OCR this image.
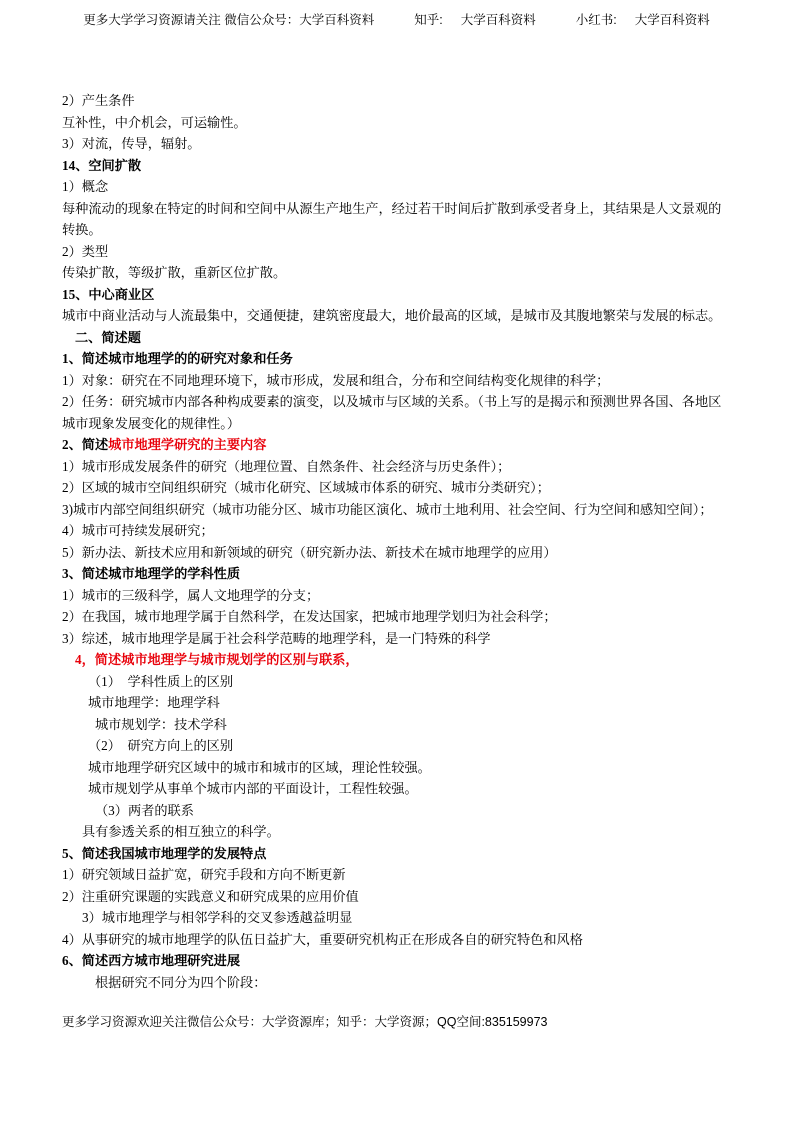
更多大学学习资源请关注 微信公众号： 大学百科资料	知乎: 大学百科资料	小红书: 大学百科资料

2）产生条件

互补性，中介机会，可运输性。

3）对流，传导，辐射。

14、空间扩散

1）概念

每种流动的现象在特定的时间和空间中从源生产地生产，经过若干时间后扩散到承受者身上，其结果是人文景观的转换。

2）类型

传染扩散，等级扩散，重新区位扩散。

15、中心商业区

城市中商业活动与人流最集中，交通便捷，建筑密度最大，地价最高的区域，是城市及其腹地繁荣与发展的标志。

二、简述题

1、简述城市地理学的的研究对象和任务

1）对象：研究在不同地理环境下，城市形成，发展和组合，分布和空间结构变化规律的科学；

2）任务：研究城市内部各种构成要素的演变，以及城市与区域的关系。（书上写的是揭示和预测世界各国、各地区城市现象发展变化的规律性。）

2、简述城市地理学研究的主要内容

1）城市形成发展条件的研究（地理位置、自然条件、社会经济与历史条件）；

2）区域的城市空间组织研究（城市化研究、区域城市体系的研究、城市分类研究）；

3)城市内部空间组织研究（城市功能分区、城市功能区演化、城市土地利用、社会空间、行为空间和感知空间）；

4）城市可持续发展研究；

5）新办法、新技术应用和新领域的研究（研究新办法、新技术在城市地理学的应用）

3、简述城市地理学的学科性质

1）城市的三级科学，属人文地理学的分支；

2）在我国，城市地理学属于自然科学，在发达国家，把城市地理学划归为社会科学；

3）综述，城市地理学是属于社会科学范畴的地理学科，是一门特殊的科学

4，简述城市地理学与城市规划学的区别与联系，

（1）  学科性质上的区别

城市地理学：地理学科

城市规划学：技术学科

（2）  研究方向上的区别

城市地理学研究区域中的城市和城市的区域，理论性较强。

城市规划学从事单个城市内部的平面设计，工程性较强。

（3）两者的联系

具有参透关系的相互独立的科学。

5、简述我国城市地理学的发展特点

1）研究领域日益扩宽，研究手段和方向不断更新

2）注重研究课题的实践意义和研究成果的应用价值

3）城市地理学与相邻学科的交叉参透越益明显

4）从事研究的城市地理学的队伍日益扩大，重要研究机构正在形成各自的研究特色和风格

6、简述西方城市地理研究进展

根据研究不同分为四个阶段：

更多学习资源欢迎关注微信公众号：大学资源库；知乎：大学资源；QQ空间:835159973
